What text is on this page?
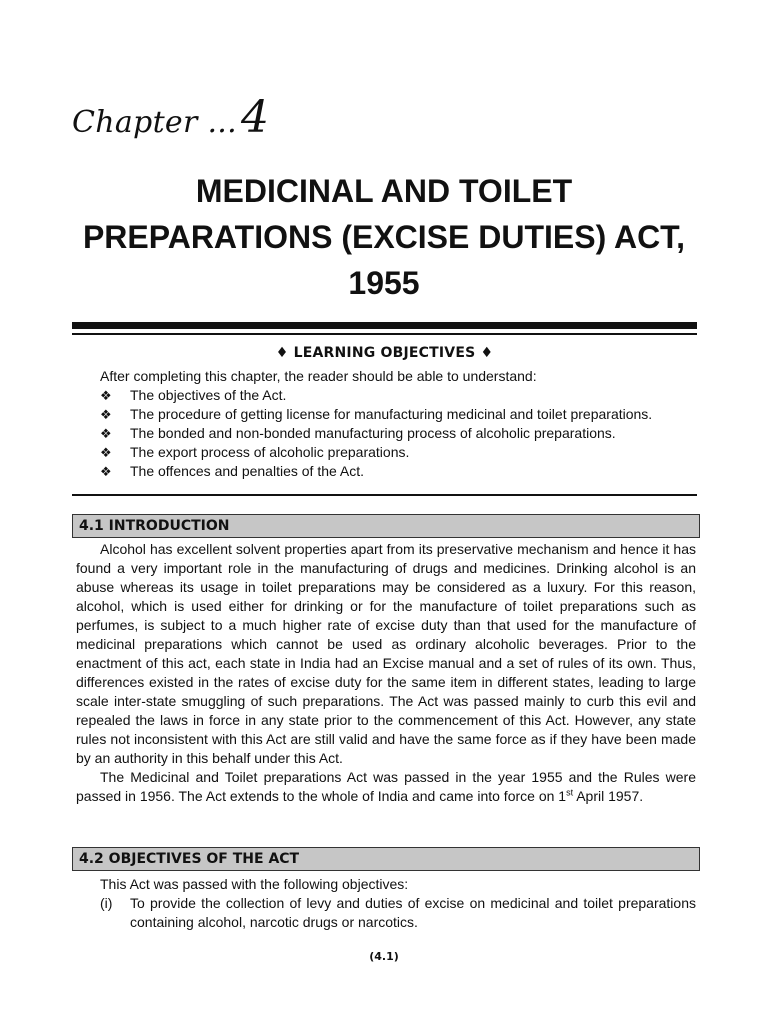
Chapter ...4
MEDICINAL AND TOILET
PREPARATIONS (EXCISE DUTIES) ACT,
1955
♦ LEARNING OBJECTIVES ♦
After completing this chapter, the reader should be able to understand:
❖ The objectives of the Act.
❖ The procedure of getting license for manufacturing medicinal and toilet preparations.
❖ The bonded and non-bonded manufacturing process of alcoholic preparations.
❖ The export process of alcoholic preparations.
❖ The offences and penalties of the Act.
4.1 INTRODUCTION

Alcohol has excellent solvent properties apart from its preservative mechanism and hence it has found a very important role in the manufacturing of drugs and medicines. Drinking alcohol is an abuse whereas its usage in toilet preparations may be considered as a luxury. For this reason, alcohol, which is used either for drinking or for the manufacture of toilet preparations such as perfumes, is subject to a much higher rate of excise duty than that used for the manufacture of medicinal preparations which cannot be used as ordinary alcoholic beverages. Prior to the enactment of this act, each state in India had an Excise manual and a set of rules of its own. Thus, differences existed in the rates of excise duty for the same item in different states, leading to large scale inter-state smuggling of such preparations. The Act was passed mainly to curb this evil and repealed the laws in force in any state prior to the commencement of this Act. However, any state rules not inconsistent with this Act are still valid and have the same force as if they have been made by an authority in this behalf under this Act.

The Medicinal and Toilet preparations Act was passed in the year 1955 and the Rules were passed in 1956. The Act extends to the whole of India and came into force on 1st April 1957.

4.2 OBJECTIVES OF THE ACT

This Act was passed with the following objectives:

(i) To provide the collection of levy and duties of excise on medicinal and toilet preparations containing alcohol, narcotic drugs or narcotics.
(4.1)
